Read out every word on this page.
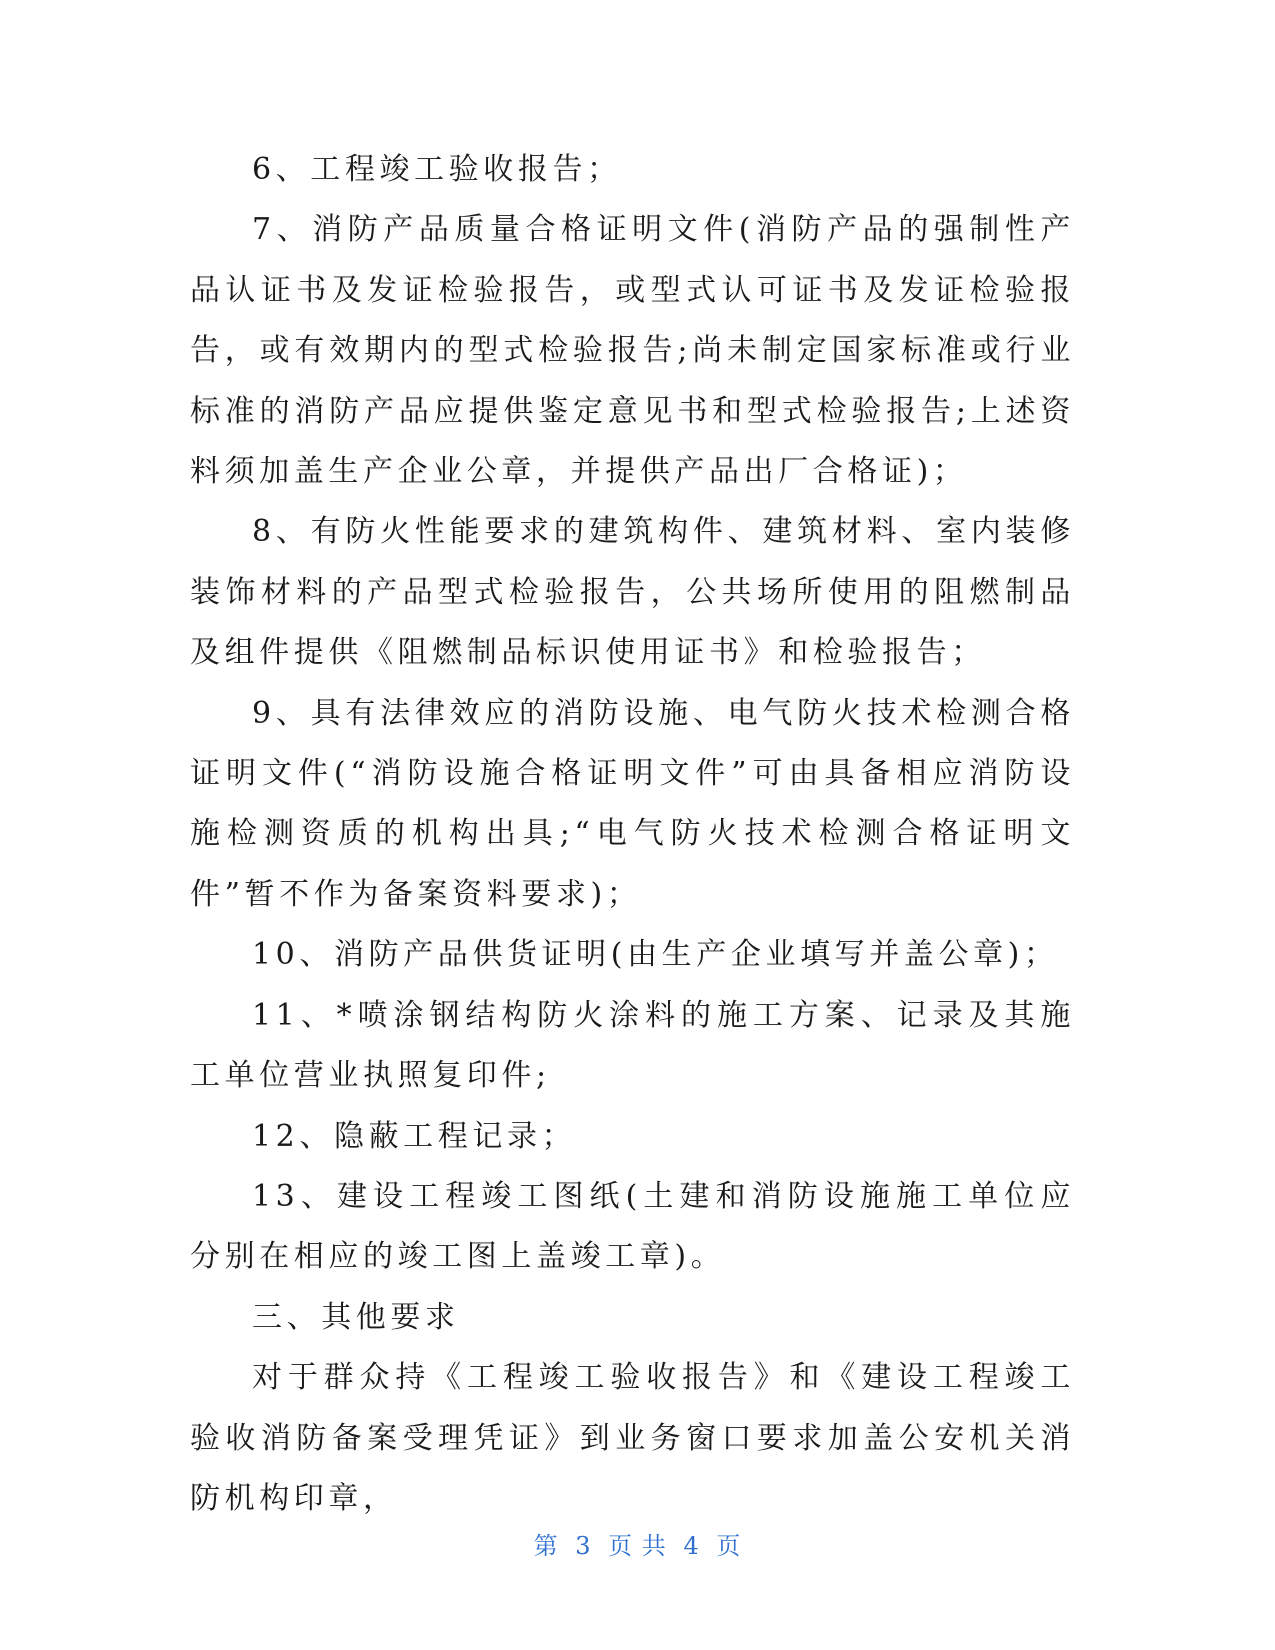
6、工程竣工验收报告；

7、消防产品质量合格证明文件(消防产品的强制性产品认证书及发证检验报告，或型式认可证书及发证检验报告，或有效期内的型式检验报告;尚未制定国家标准或行业标准的消防产品应提供鉴定意见书和型式检验报告;上述资料须加盖生产企业公章，并提供产品出厂合格证)；

8、有防火性能要求的建筑构件、建筑材料、室内装修装饰材料的产品型式检验报告，公共场所使用的阻燃制品及组件提供《阻燃制品标识使用证书》和检验报告；

9、具有法律效应的消防设施、电气防火技术检测合格证明文件(“消防设施合格证明文件”可由具备相应消防设施检测资质的机构出具;“电气防火技术检测合格证明文件”暂不作为备案资料要求)；

10、消防产品供货证明(由生产企业填写并盖公章)；

11、*喷涂钢结构防火涂料的施工方案、记录及其施工单位营业执照复印件;

12、隐蔽工程记录；

13、建设工程竣工图纸(土建和消防设施施工单位应分别在相应的竣工图上盖竣工章)。

三、其他要求

对于群众持《工程竣工验收报告》和《建设工程竣工验收消防备案受理凭证》到业务窗口要求加盖公安机关消防机构印章，

第 3 页 共 4 页
